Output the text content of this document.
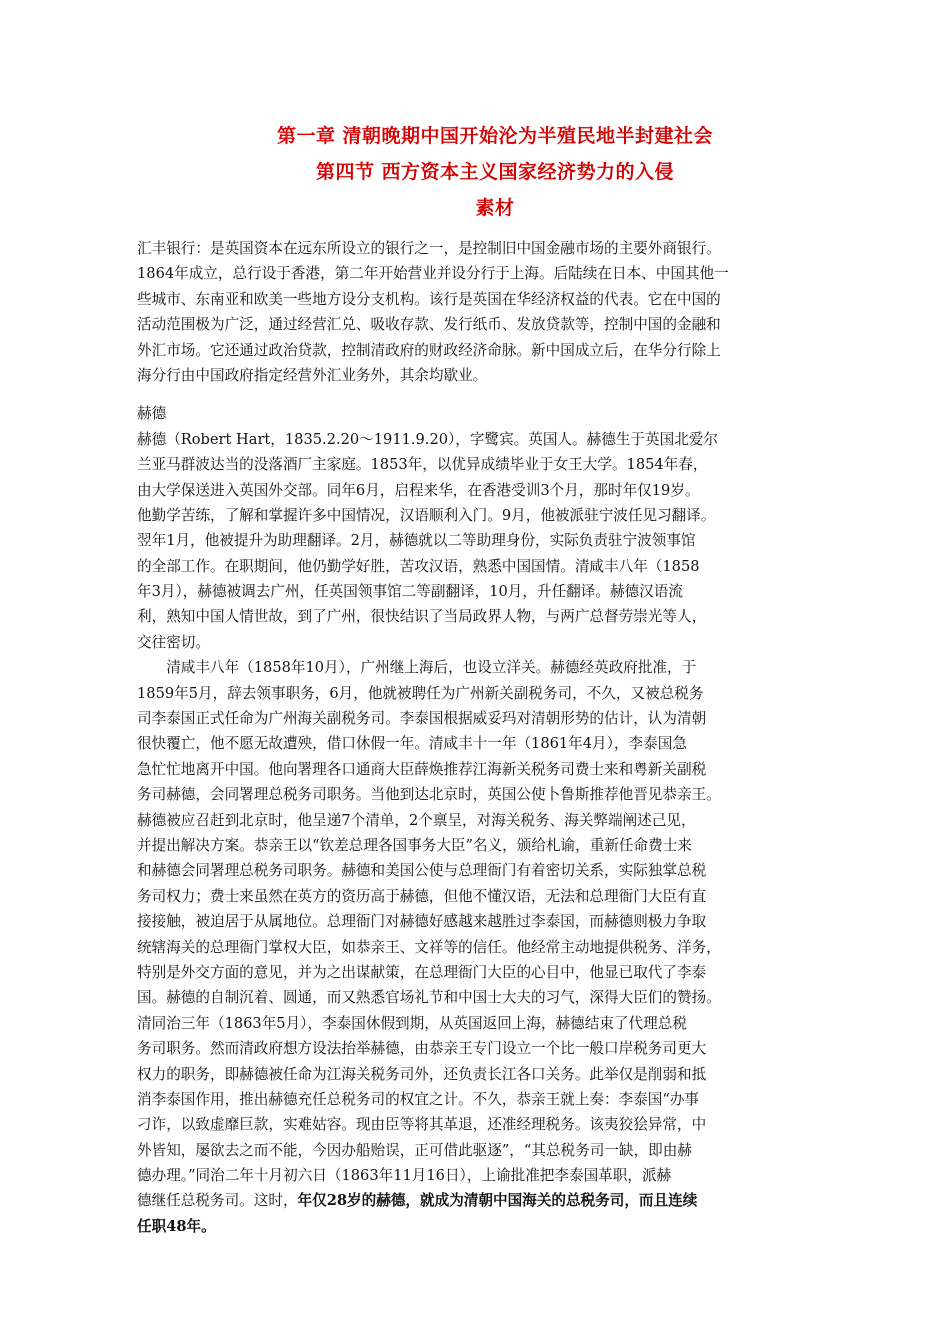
第一章 清朝晚期中国开始沦为半殖民地半封建社会

第四节 西方资本主义国家经济势力的入侵

素材

汇丰银行：是英国资本在远东所设立的银行之一，是控制旧中国金融市场的主要外商银行。
1864年成立，总行设于香港，第二年开始营业并设分行于上海。后陆续在日本、中国其他一
些城市、东南亚和欧美一些地方设分支机构。该行是英国在华经济权益的代表。它在中国的
活动范围极为广泛，通过经营汇兑、吸收存款、发行纸币、发放贷款等，控制中国的金融和
外汇市场。它还通过政治贷款，控制清政府的财政经济命脉。新中国成立后，在华分行除上
海分行由中国政府指定经营外汇业务外，其余均歇业。
赫德
赫德（Robert Hart，1835.2.20～1911.9.20），字鹭宾。英国人。赫德生于英国北爱尔
兰亚马群波达当的没落酒厂主家庭。1853年，以优异成绩毕业于女王大学。1854年春，
由大学保送进入英国外交部。同年6月，启程来华，在香港受训3个月，那时年仅19岁。
他勤学苦练，了解和掌握许多中国情况，汉语顺利入门。9月，他被派驻宁波任见习翻译。
翌年1月，他被提升为助理翻译。2月，赫德就以二等助理身份，实际负责驻宁波领事馆
的全部工作。在职期间，他仍勤学好胜，苦攻汉语，熟悉中国国情。清咸丰八年（1858
年3月），赫德被调去广州，任英国领事馆二等副翻译，10月，升任翻译。赫德汉语流
利，熟知中国人情世故，到了广州，很快结识了当局政界人物，与两广总督劳崇光等人，
交往密切。
　　清咸丰八年（1858年10月），广州继上海后，也设立洋关。赫德经英政府批准，于
1859年5月，辞去领事职务，6月，他就被聘任为广州新关副税务司，不久，又被总税务
司李泰国正式任命为广州海关副税务司。李泰国根据威妥玛对清朝形势的估计，认为清朝
很快覆亡，他不愿无故遭殃，借口休假一年。清咸丰十一年（1861年4月），李泰国急
急忙忙地离开中国。他向署理各口通商大臣薛焕推荐江海新关税务司费士来和粤新关副税
务司赫德，会同署理总税务司职务。当他到达北京时，英国公使卜鲁斯推荐他晋见恭亲王。
赫德被应召赶到北京时，他呈递7个清单，2个禀呈，对海关税务、海关弊端阐述己见，
并提出解决方案。恭亲王以“钦差总理各国事务大臣”名义，颁给札谕，重新任命费士来
和赫德会同署理总税务司职务。赫德和美国公使与总理衙门有着密切关系，实际独掌总税
务司权力；费士来虽然在英方的资历高于赫德，但他不懂汉语，无法和总理衙门大臣有直
接接触，被迫居于从属地位。总理衙门对赫德好感越来越胜过李泰国，而赫德则极力争取
统辖海关的总理衙门掌权大臣，如恭亲王、文祥等的信任。他经常主动地提供税务、洋务，
特别是外交方面的意见，并为之出谋献策，在总理衙门大臣的心目中，他显已取代了李泰
国。赫德的自制沉着、圆通，而又熟悉官场礼节和中国士大夫的习气，深得大臣们的赞扬。
清同治三年（1863年5月），李泰国休假到期，从英国返回上海，赫德结束了代理总税
务司职务。然而清政府想方设法抬举赫德，由恭亲王专门设立一个比一般口岸税务司更大
权力的职务，即赫德被任命为江海关税务司外，还负责长江各口关务。此举仅是削弱和抵
消李泰国作用，推出赫德充任总税务司的权宜之计。不久，恭亲王就上奏：李泰国“办事
刁诈，以致虚靡巨款，实难姑容。现由臣等将其革退，还准经理税务。该夷狡狯异常，中
外皆知，屡欲去之而不能，今因办船贻误，正可借此驱逐”，“其总税务司一缺，即由赫
德办理。”同治二年十月初六日（1863年11月16日），上谕批准把李泰国革职，派赫
德继任总税务司。这时，年仅28岁的赫德，就成为清朝中国海关的总税务司，而且连续
任职48年。
